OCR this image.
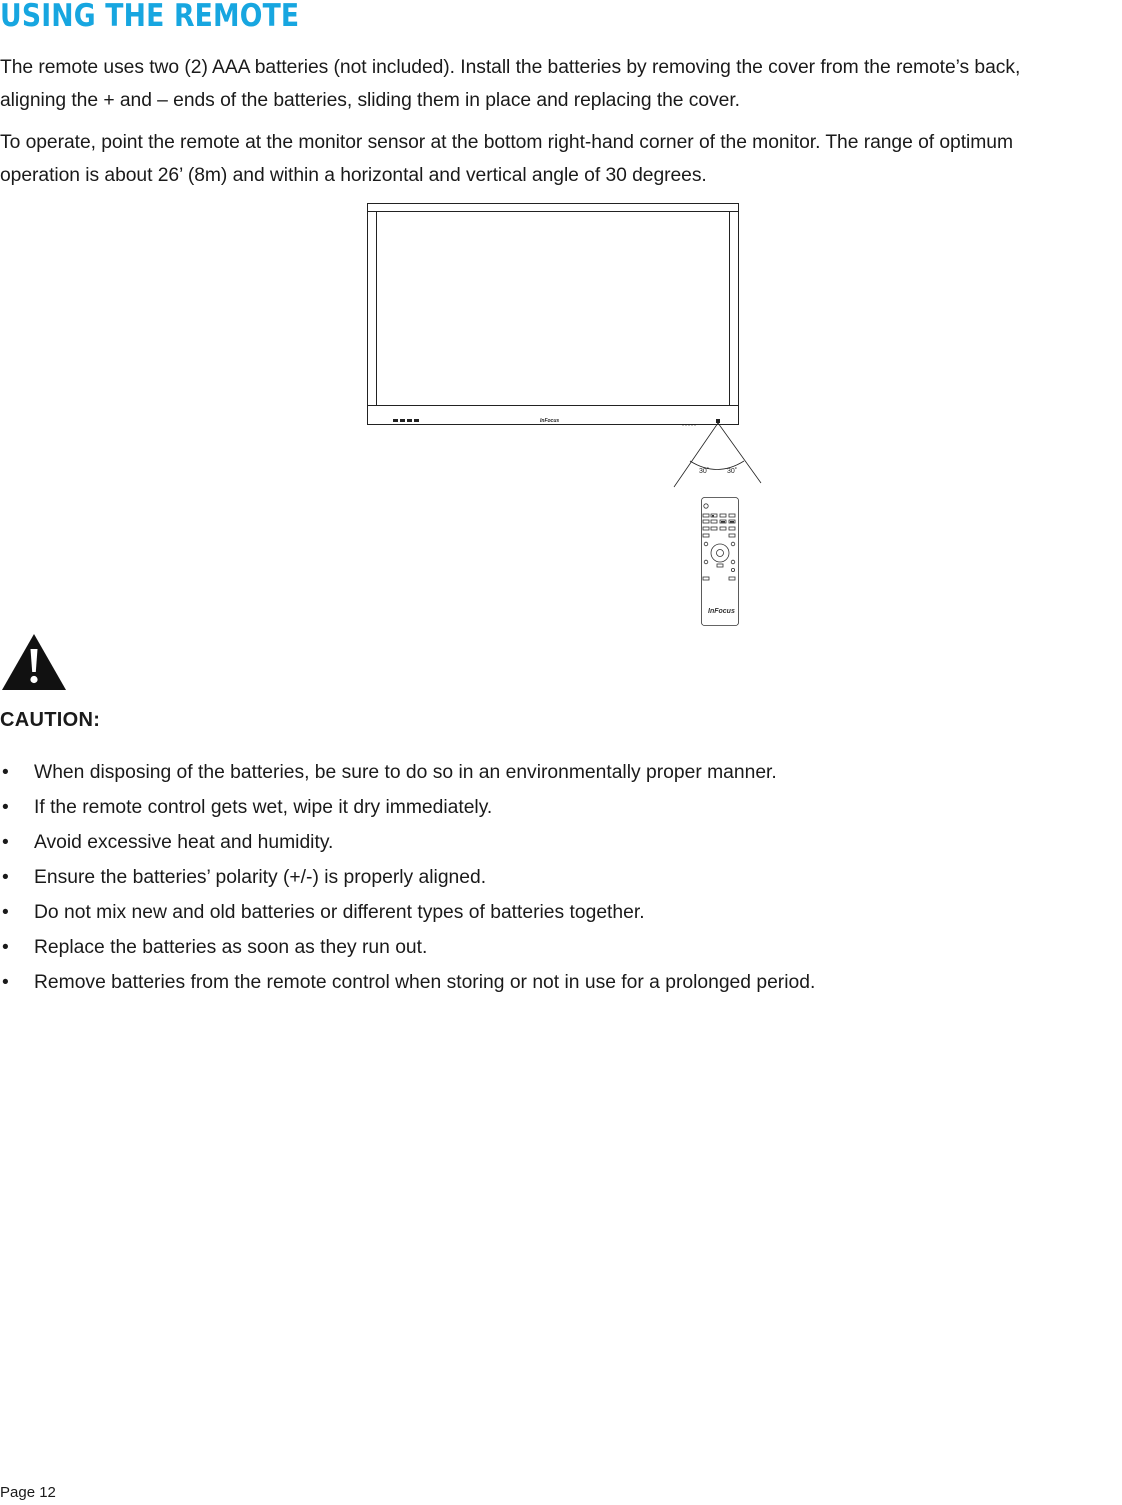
USING THE REMOTE

The remote uses two (2) AAA batteries (not included). Install the batteries by removing the cover from the remote’s back,
aligning the + and – ends of the batteries, sliding them in place and replacing the cover.

To operate, point the remote at the monitor sensor at the bottom right-hand corner of the monitor. The range of optimum
operation is about 26’ (8m) and within a horizontal and vertical angle of 30 degrees.

InFocus
30˚	30˚
InFocus
CAUTION:
• When disposing of the batteries, be sure to do so in an environmentally proper manner.
• If the remote control gets wet, wipe it dry immediately.
• Avoid excessive heat and humidity.
• Ensure the batteries’ polarity (+/-) is properly aligned.
• Do not mix new and old batteries or different types of batteries together.
• Replace the batteries as soon as they run out.
• Remove batteries from the remote control when storing or not in use for a prolonged period.

Page 12
